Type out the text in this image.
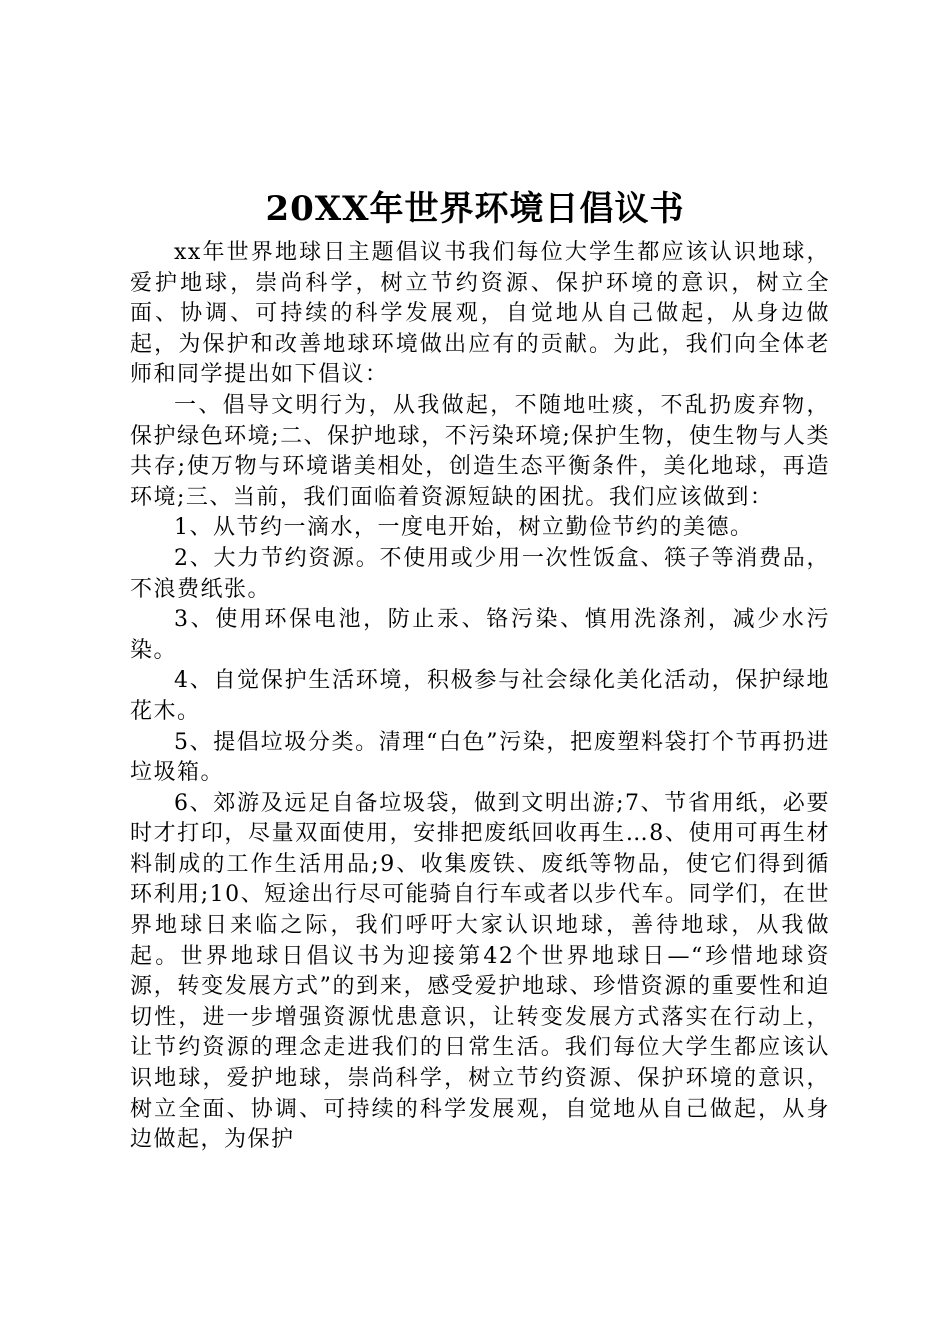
20XX年世界环境日倡议书

xx年世界地球日主题倡议书我们每位大学生都应该认识地球，爱护地球，崇尚科学，树立节约资源、保护环境的意识，树立全面、协调、可持续的科学发展观，自觉地从自己做起，从身边做起，为保护和改善地球环境做出应有的贡献。为此，我们向全体老师和同学提出如下倡议：

一、倡导文明行为，从我做起，不随地吐痰，不乱扔废弃物，保护绿色环境;二、保护地球，不污染环境;保护生物，使生物与人类共存;使万物与环境谐美相处，创造生态平衡条件，美化地球，再造环境;三、当前，我们面临着资源短缺的困扰。我们应该做到：

1、从节约一滴水，一度电开始，树立勤俭节约的美德。

2、大力节约资源。不使用或少用一次性饭盒、筷子等消费品，不浪费纸张。

3、使用环保电池，防止汞、铬污染、慎用洗涤剂，减少水污染。

4、自觉保护生活环境，积极参与社会绿化美化活动，保护绿地花木。

5、提倡垃圾分类。清理“白色”污染，把废塑料袋打个节再扔进垃圾箱。

6、郊游及远足自备垃圾袋，做到文明出游;7、节省用纸，必要时才打印，尽量双面使用，安排把废纸回收再生…8、使用可再生材料制成的工作生活用品;9、收集废铁、废纸等物品，使它们得到循环利用;10、短途出行尽可能骑自行车或者以步代车。同学们，在世界地球日来临之际，我们呼吁大家认识地球，善待地球，从我做起。世界地球日倡议书为迎接第42个世界地球日—“珍惜地球资源，转变发展方式”的到来，感受爱护地球、珍惜资源的重要性和迫切性，进一步增强资源忧患意识，让转变发展方式落实在行动上，让节约资源的理念走进我们的日常生活。我们每位大学生都应该认识地球，爱护地球，崇尚科学，树立节约资源、保护环境的意识，树立全面、协调、可持续的科学发展观，自觉地从自己做起，从身边做起，为保护
